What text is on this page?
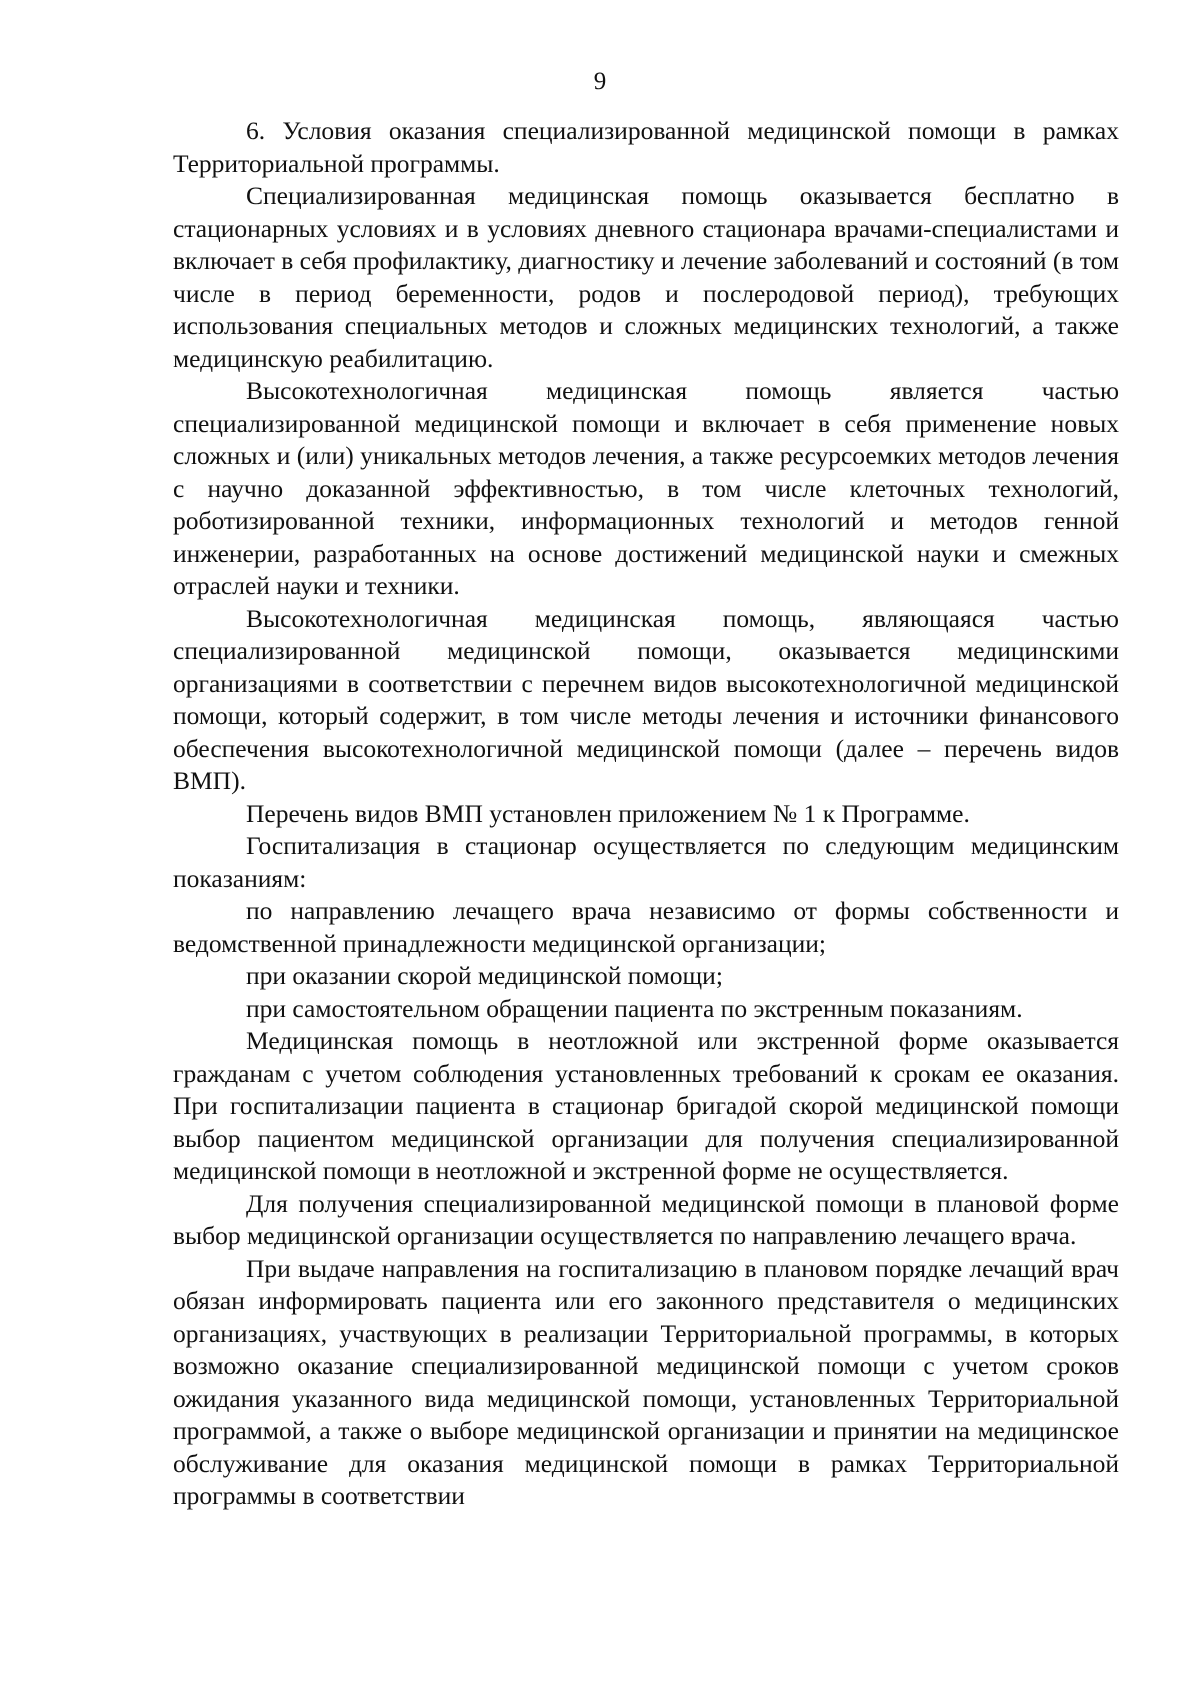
9

6. Условия оказания специализированной медицинской помощи в рамках Территориальной программы.

Специализированная медицинская помощь оказывается бесплатно в стационарных условиях и в условиях дневного стационара врачами-специалистами и включает в себя профилактику, диагностику и лечение заболеваний и состояний (в том числе в период беременности, родов и послеродовой период), требующих использования специальных методов и сложных медицинских технологий, а также медицинскую реабилитацию.

Высокотехнологичная медицинская помощь является частью специализированной медицинской помощи и включает в себя применение новых сложных и (или) уникальных методов лечения, а также ресурсоемких методов лечения с научно доказанной эффективностью, в том числе клеточных технологий, роботизированной техники, информационных технологий и методов генной инженерии, разработанных на основе достижений медицинской науки и смежных отраслей науки и техники.

Высокотехнологичная медицинская помощь, являющаяся частью специализированной медицинской помощи, оказывается медицинскими организациями в соответствии с перечнем видов высокотехнологичной медицинской помощи, который содержит, в том числе методы лечения и источники финансового обеспечения высокотехнологичной медицинской помощи (далее – перечень видов ВМП).

Перечень видов ВМП установлен приложением № 1 к Программе.

Госпитализация в стационар осуществляется по следующим медицинским показаниям:

по направлению лечащего врача независимо от формы собственности и ведомственной принадлежности медицинской организации;

при оказании скорой медицинской помощи;

при самостоятельном обращении пациента по экстренным показаниям.

Медицинская помощь в неотложной или экстренной форме оказывается гражданам с учетом соблюдения установленных требований к срокам ее оказания. При госпитализации пациента в стационар бригадой скорой медицинской помощи выбор пациентом медицинской организации для получения специализированной медицинской помощи в неотложной и экстренной форме не осуществляется.

Для получения специализированной медицинской помощи в плановой форме выбор медицинской организации осуществляется по направлению лечащего врача.

При выдаче направления на госпитализацию в плановом порядке лечащий врач обязан информировать пациента или его законного представителя о медицинских организациях, участвующих в реализации Территориальной программы, в которых возможно оказание специализированной медицинской помощи с учетом сроков ожидания указанного вида медицинской помощи, установленных Территориальной программой, а также о выборе медицинской организации и принятии на медицинское обслуживание для оказания медицинской помощи в рамках Территориальной программы в соответствии
